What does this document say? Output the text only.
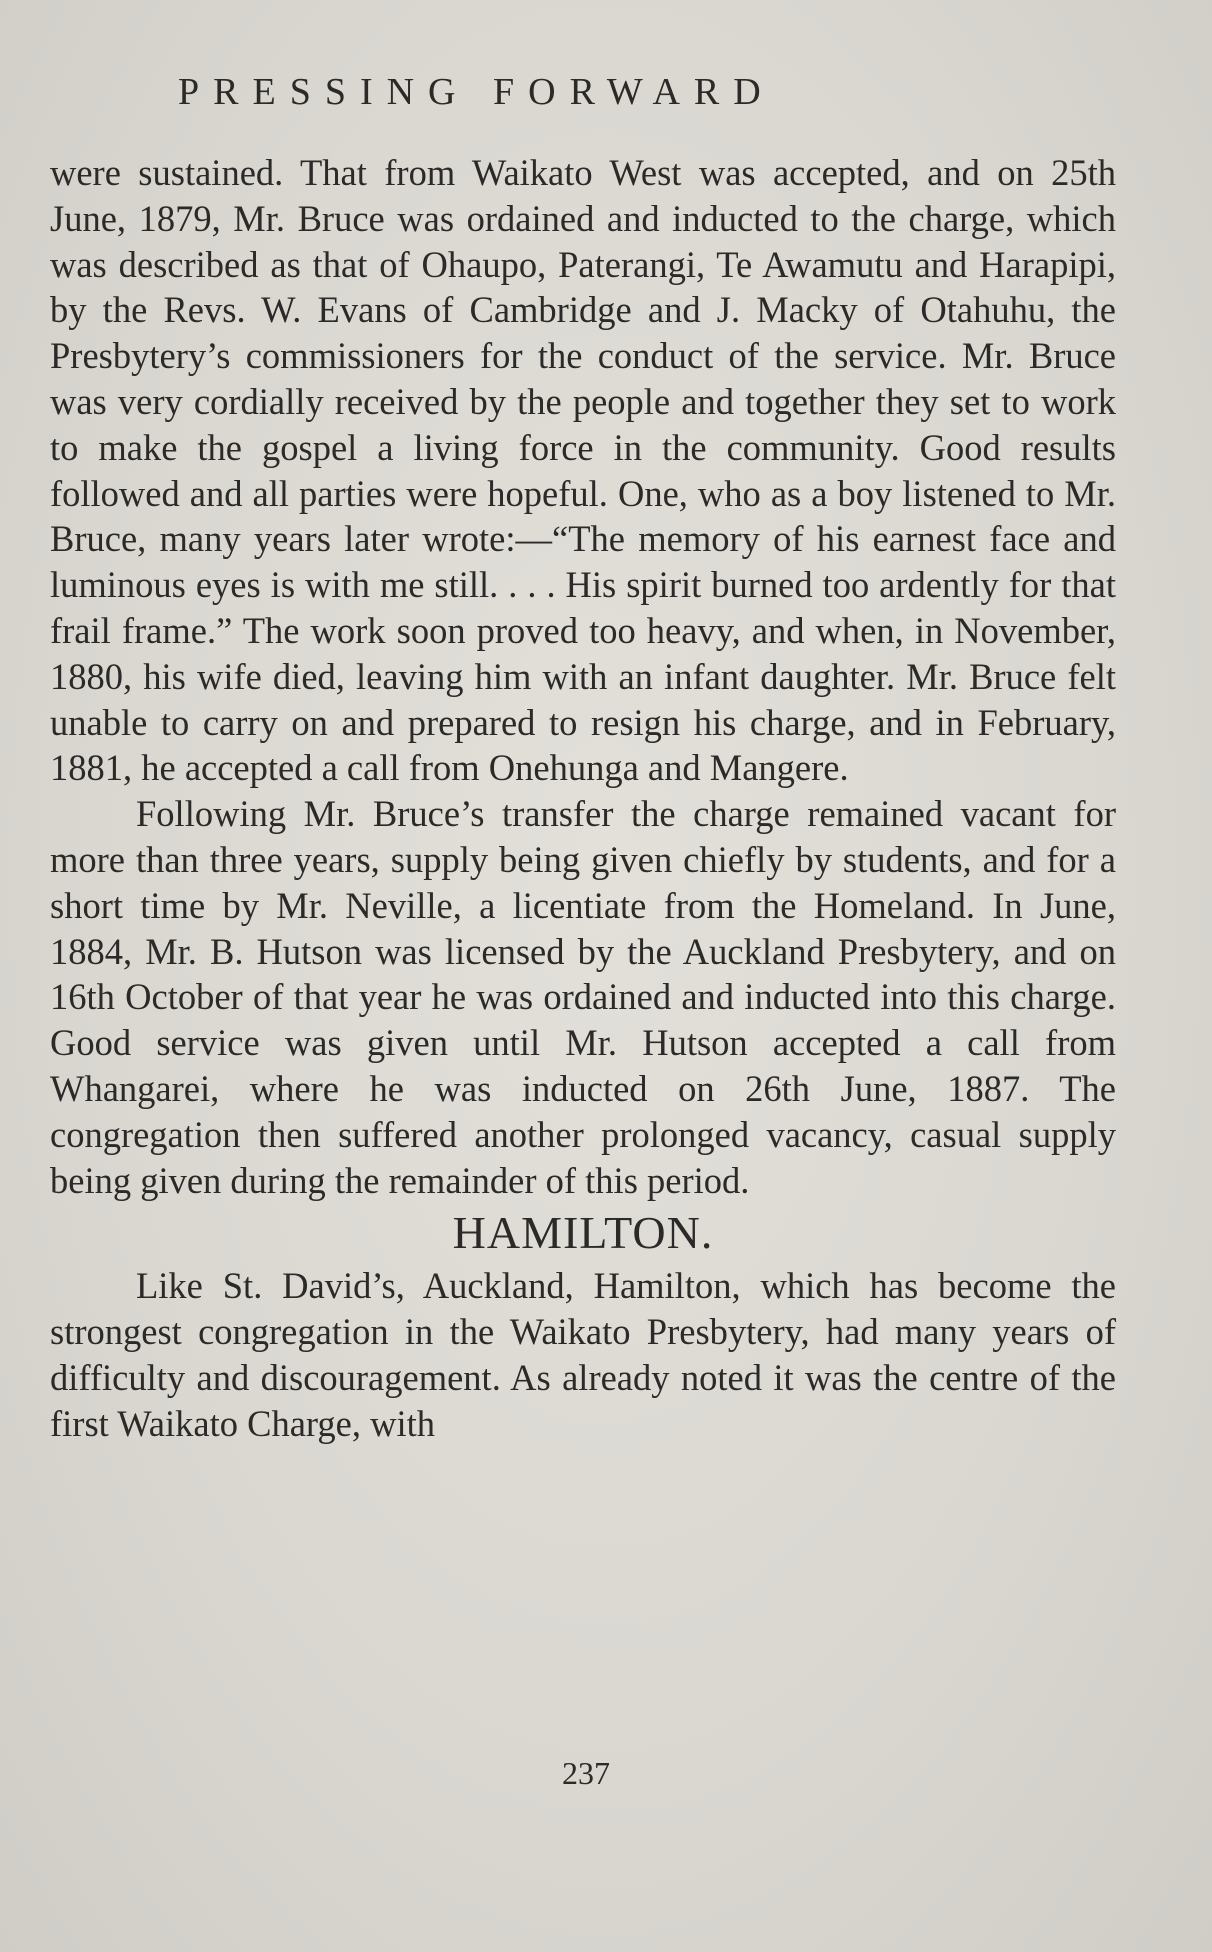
PRESSING FORWARD

were sustained. That from Waikato West was accepted, and on 25th June, 1879, Mr. Bruce was ordained and inducted to the charge, which was described as that of Ohaupo, Paterangi, Te Awamutu and Harapipi, by the Revs. W. Evans of Cambridge and J. Macky of Otahuhu, the Presbytery’s commissioners for the conduct of the service. Mr. Bruce was very cordially received by the people and together they set to work to make the gospel a living force in the community. Good results followed and all parties were hopeful. One, who as a boy listened to Mr. Bruce, many years later wrote:—“The memory of his earnest face and luminous eyes is with me still. . . . His spirit burned too ardently for that frail frame.” The work soon proved too heavy, and when, in November, 1880, his wife died, leaving him with an infant daughter. Mr. Bruce felt unable to carry on and prepared to resign his charge, and in February, 1881, he accepted a call from Onehunga and Mangere.

Following Mr. Bruce’s transfer the charge remained vacant for more than three years, supply being given chiefly by students, and for a short time by Mr. Neville, a licentiate from the Homeland. In June, 1884, Mr. B. Hutson was licensed by the Auckland Presbytery, and on 16th October of that year he was ordained and inducted into this charge. Good service was given until Mr. Hutson accepted a call from Whangarei, where he was inducted on 26th June, 1887. The congregation then suffered another prolonged vacancy, casual supply being given during the remainder of this period.

HAMILTON.

Like St. David’s, Auckland, Hamilton, which has become the strongest congregation in the Waikato Presbytery, had many years of difficulty and discouragement. As already noted it was the centre of the first Waikato Charge, with

237
